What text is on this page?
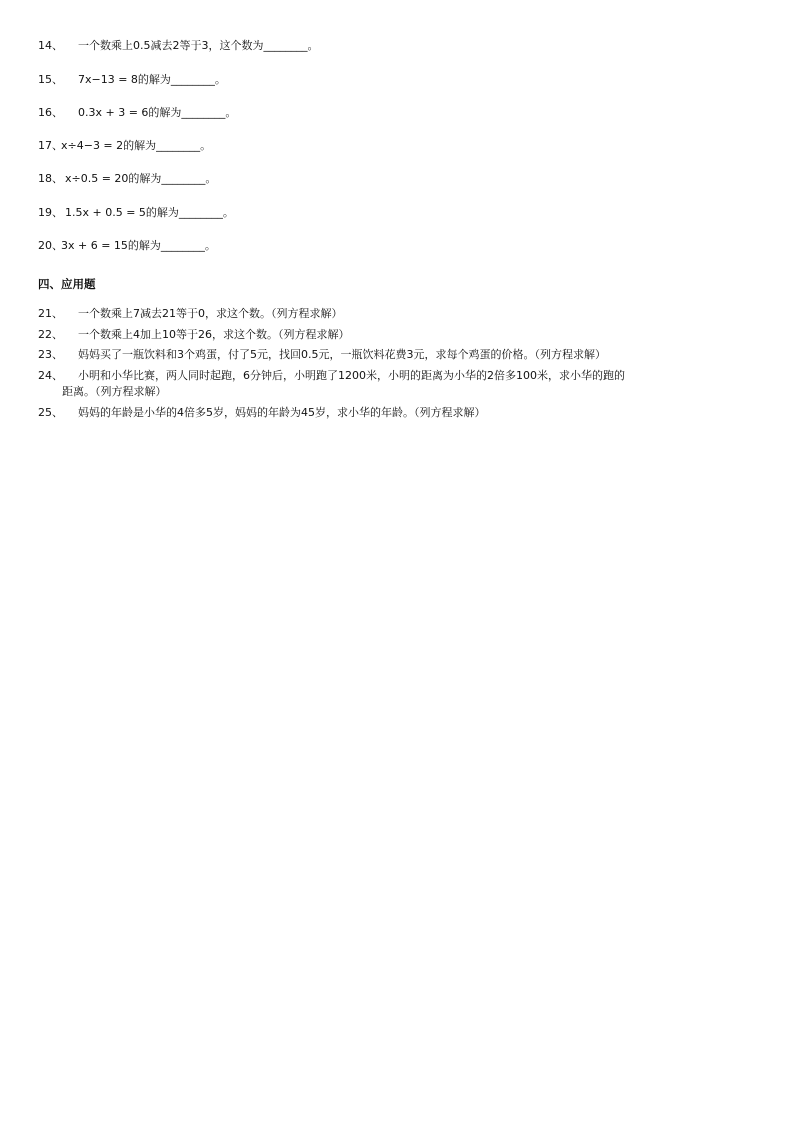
14、 一个数乘上0.5减去2等于3，这个数为________。
15、 7x−13 = 8的解为________。
16、 0.3x + 3 = 6的解为________。
17、x÷4−3 = 2的解为________。
18、 x÷0.5 = 20的解为________。
19、 1.5x + 0.5 = 5的解为________。
20、3x + 6 = 15的解为________。
四、应用题
21、 一个数乘上7减去21等于0，求这个数。（列方程求解）
22、 一个数乘上4加上10等于26，求这个数。（列方程求解）
23、 妈妈买了一瓶饮料和3个鸡蛋，付了5元，找回0.5元，一瓶饮料花费3元，求每个鸡蛋的价格。（列方程求解）
24、 小明和小华比赛，两人同时起跑，6分钟后，小明跑了1200米，小明的距离为小华的2倍多100米，求小华的跑的
距离。（列方程求解）
25、 妈妈的年龄是小华的4倍多5岁，妈妈的年龄为45岁，求小华的年龄。（列方程求解）
